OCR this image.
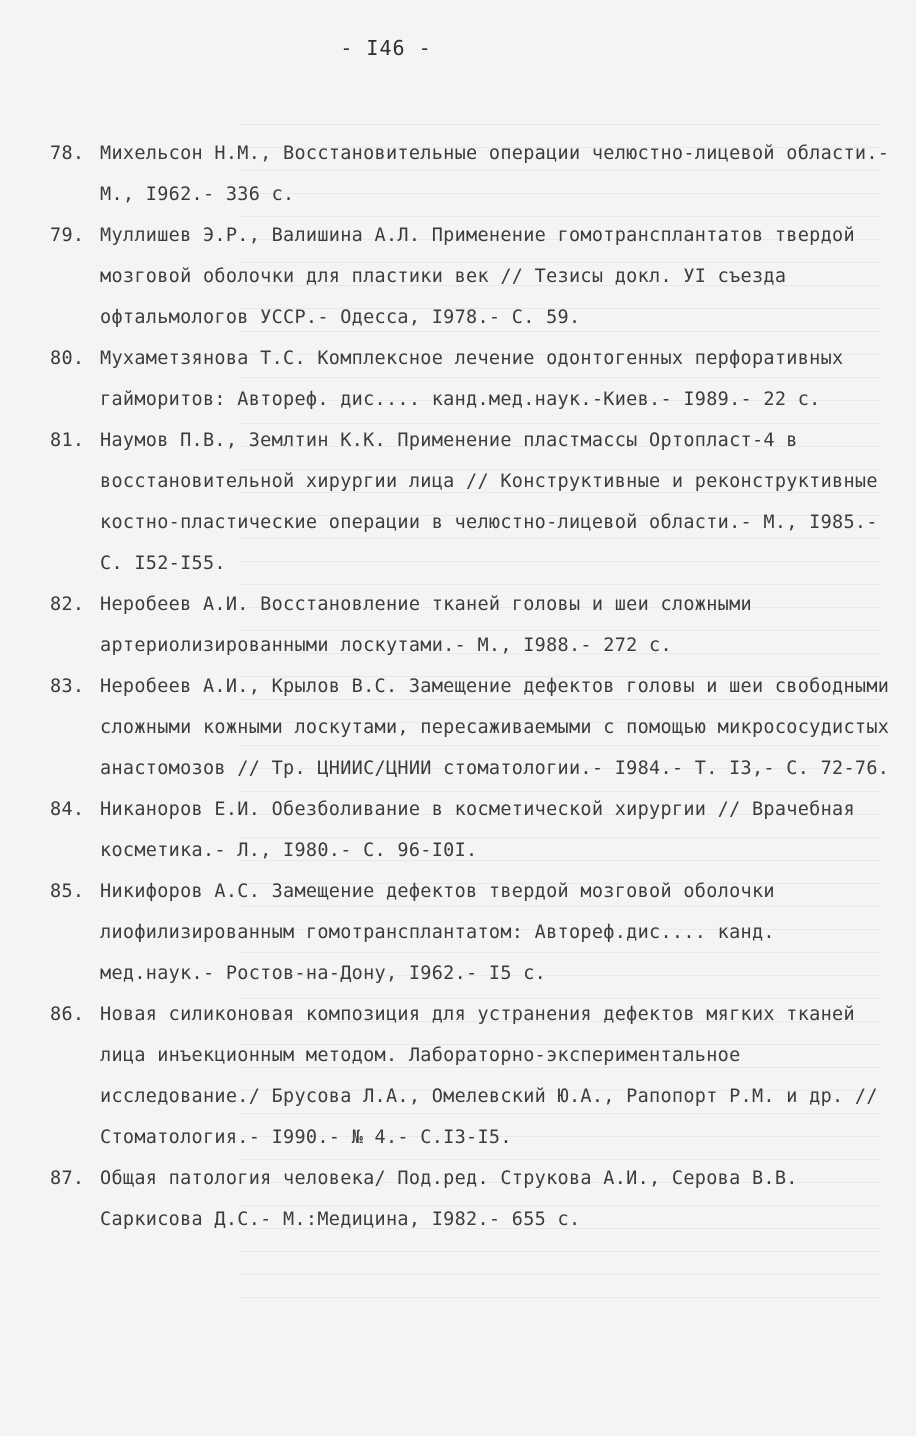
- I46 -
78. Михельсон Н.М., Восстановительные операции челюстно-лицевой области.- М., I962.- 336 с.
79. Муллишев Э.Р., Валишина А.Л. Применение гомотрансплантатов твердой мозговой оболочки для пластики век // Тезисы докл. УI съезда офтальмологов УССР.- Одесса, I978.- С. 59.
80. Мухаметзянова Т.С. Комплексное лечение одонтогенных перфоративных гайморитов: Автореф. дис.... канд.мед.наук.-Киев.- I989.- 22 с.
81. Наумов П.В., Землтин К.К. Применение пластмассы Ортопласт-4 в восстановительной хирургии лица // Конструктивные и реконструктивные костно-пластические операции в челюстно-лицевой области.- М., I985.- С. I52-I55.
82. Неробеев А.И. Восстановление тканей головы и шеи сложными артериолизированными лоскутами.- М., I988.- 272 с.
83. Неробеев А.И., Крылов В.С. Замещение дефектов головы и шеи свободными сложными кожными лоскутами, пересаживаемыми с помощью микрососудистых анастомозов // Тр. ЦНИИС/ЦНИИ стоматологии.- I984.- Т. I3,- С. 72-76.
84. Никаноров Е.И. Обезболивание в косметической хирургии // Врачебная косметика.- Л., I980.- С. 96-I0I.
85. Никифоров А.С. Замещение дефектов твердой мозговой оболочки лиофилизированным гомотрансплантатом: Автореф.дис.... канд. мед.наук.- Ростов-на-Дону, I962.- I5 с.
86. Новая силиконовая композиция для устранения дефектов мягких тканей лица инъекционным методом. Лабораторно-экспериментальное исследование./ Брусова Л.А., Омелевский Ю.А., Рапопорт Р.М. и др. // Стоматология.- I990.- № 4.- С.I3-I5.
87. Общая патология человека/ Под.ред. Струкова А.И., Серова В.В. Саркисова Д.С.- М.:Медицина, I982.- 655 с.
